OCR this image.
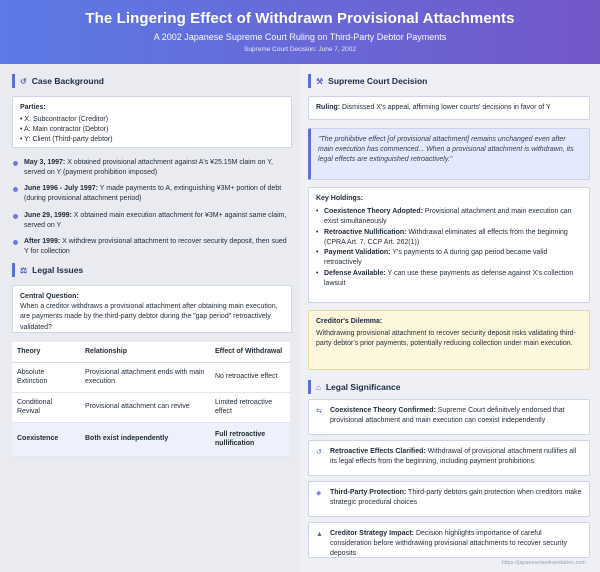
The Lingering Effect of Withdrawn Provisional Attachments
A 2002 Japanese Supreme Court Ruling on Third-Party Debtor Payments
Supreme Court Decision: June 7, 2002
↺ Case Background
Parties:
• X: Subcontractor (Creditor)
• A: Main contractor (Debtor)
• Y: Client (Third-party debtor)
May 3, 1997: X obtained provisional attachment against A's ¥25.15M claim on Y, served on Y (payment prohibition imposed)
June 1996 - July 1997: Y made payments to A, extinguishing ¥3M+ portion of debt (during provisional attachment period)
June 29, 1999: X obtained main execution attachment for ¥3M+ against same claim, served on Y
After 1999: X withdrew provisional attachment to recover security deposit, then sued Y for collection
⚖ Legal Issues
Central Question:
When a creditor withdraws a provisional attachment after obtaining main execution, are payments made by the third-party debtor during the "gap period" retroactively validated?
Theory	Relationship	Effect of Withdrawal
Absolute Extinction	Provisional attachment ends with main execution	No retroactive effect
Conditional Revival	Provisional attachment can revive	Limited retroactive effect
Coexistence	Both exist independently	Full retroactive nullification
⚒ Supreme Court Decision
Ruling: Dismissed X's appeal, affirming lower courts' decisions in favor of Y
"The prohibitive effect [of provisional attachment] remains unchanged even after main execution has commenced... When a provisional attachment is withdrawn, its legal effects are extinguished retroactively."
Key Holdings:
• Coexistence Theory Adopted: Provisional attachment and main execution can exist simultaneously
• Retroactive Nullification: Withdrawal eliminates all effects from the beginning (CPRA Art. 7, CCP Art. 262(1))
• Payment Validation: Y's payments to A during gap period became valid retroactively
• Defense Available: Y can use these payments as defense against X's collection lawsuit
Creditor's Dilemma:
Withdrawing provisional attachment to recover security deposit risks validating third-party debtor's prior payments, potentially reducing collection under main execution.
⌂ Legal Significance
⇆	Coexistence Theory Confirmed: Supreme Court definitively endorsed that provisional attachment and main execution can coexist independently
↺	Retroactive Effects Clarified: Withdrawal of provisional attachment nullifies all its legal effects from the beginning, including payment prohibitions
◈	Third-Party Protection: Third-party debtors gain protection when creditors make strategic procedural choices
▲ Creditor Strategy Impact: Decision highlights importance of careful consideration before withdrawing provisional attachments to recover security deposits
https://japaneselawtranslation.com
